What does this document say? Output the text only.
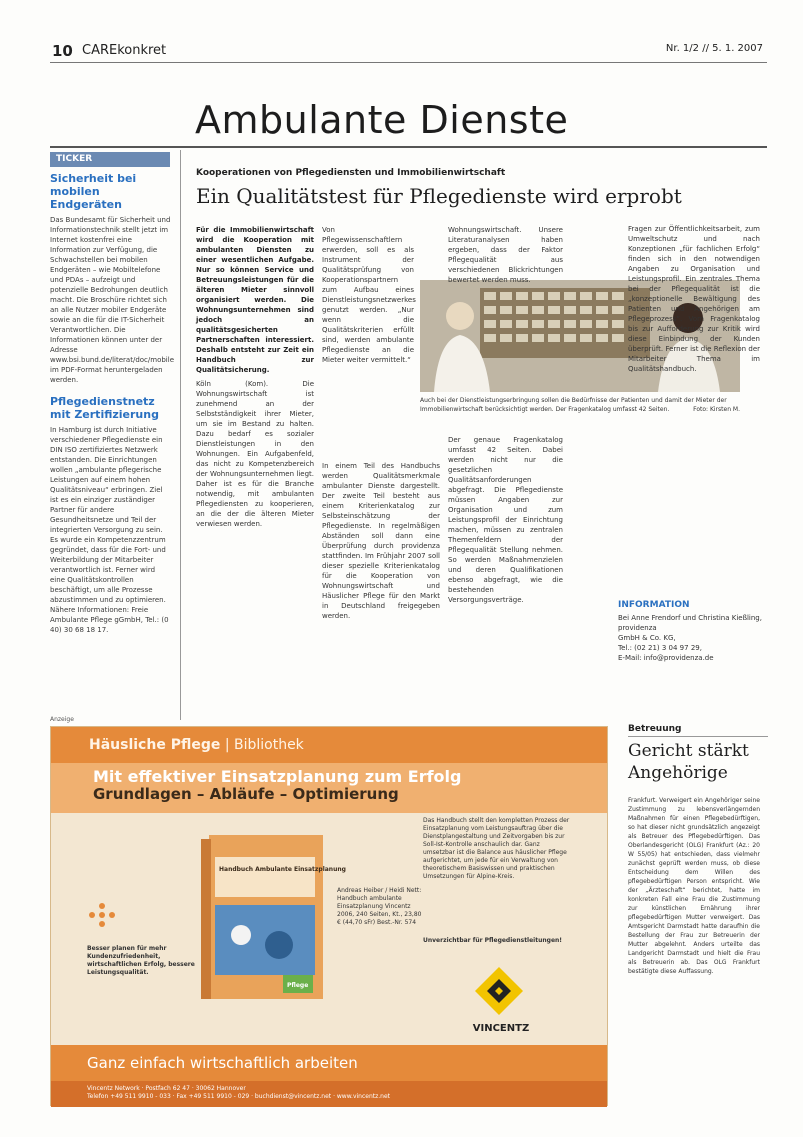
10 CAREkonkret	Nr. 1/2 // 5. 1. 2007
Ambulante Dienste
TICKER
Sicherheit bei mobilen Endgeräten
Das Bundesamt für Sicherheit und Informationstechnik stellt jetzt im Internet kostenfrei eine Information zur Verfügung, die Schwachstellen bei mobilen Endgeräten – wie Mobiltelefone und PDAs – aufzeigt und potenzielle Bedrohungen deutlich macht. Die Broschüre richtet sich an alle Nutzer mobiler Endgeräte sowie an die für die IT-Sicherheit Verantwortlichen. Die Informationen können unter der Adresse www.bsi.bund.de/literat/doc/mobile im PDF-Format heruntergeladen werden.
Pflegedienstnetz mit Zertifizierung
In Hamburg ist durch Initiative verschiedener Pflegedienste ein DIN ISO zertifiziertes Netzwerk entstanden. Die Einrichtungen wollen „ambulante pflegerische Leistungen auf einem hohen Qualitätsniveau“ erbringen. Ziel ist es ein einziger zuständiger Partner für andere Gesundheitsnetze und Teil der integrierten Versorgung zu sein. Es wurde ein Kompetenzzentrum gegründet, dass für die Fort- und Weiterbildung der Mitarbeiter verantwortlich ist. Ferner wird eine Qualitätskontrollen beschäftigt, um alle Prozesse abzustimmen und zu optimieren. Nähere Informationen: Freie Ambulante Pflege gGmbH, Tel.: (0 40) 30 68 18 17.
Kooperationen von Pflegediensten und Immobilienwirtschaft
Ein Qualitätstest für Pflegedienste wird erprobt

Für die Immobilienwirtschaft wird die Kooperation mit ambulanten Diensten zu einer wesentlichen Aufgabe. Nur so können Service und Betreuungsleistungen für die älteren Mieter sinnvoll organisiert werden. Die Wohnungsunternehmen sind jedoch an qualitätsgesicherten Partnerschaften interessiert. Deshalb entsteht zur Zeit ein Handbuch zur Qualitätsicherung.

Köln (Kom). Die Wohnungswirtschaft ist zunehmend an der Selbstständigkeit ihrer Mieter, um sie im Bestand zu halten. Dazu bedarf es sozialer Dienstleistungen in den Wohnungen. Ein Aufgabenfeld, das nicht zu Kompetenzbereich der Wohnungsunternehmen liegt. Daher ist es für die Branche notwendig, mit ambulanten Pflegediensten zu kooperieren, an die der die älteren Mieter verwiesen werden.

Von Pflegewissenschaftlern erwerden, soll es als Instrument der Qualitätsprüfung von Kooperationspartnern zum Aufbau eines Dienstleistungsnetzwerkes genutzt werden. „Nur wenn die Qualitätskriterien erfüllt sind, werden ambulante Pflegedienste an die Mieter weiter vermittelt.“

In einem Teil des Handbuchs werden Qualitätsmerkmale ambulanter Dienste dargestellt. Der zweite Teil besteht aus einem Kriterienkatalog zur Selbsteinschätzung der Pflegedienste. In regelmäßigen Abständen soll dann eine Überprüfung durch providenza stattfinden. Im Frühjahr 2007 soll dieser spezielle Kriterienkatalog für die Kooperation von Wohnungswirtschaft und Häuslicher Pflege für den Markt in Deutschland freigegeben werden.

Auch bei der Dienstleistungserbringung sollen die Bedürfnisse der Patienten und damit der Mieter der Immobilienwirtschaft berücksichtigt werden. Der Fragenkatalog umfasst 42 Seiten.	Foto: Kirsten M.

Wohnungswirtschaft. Unsere Literaturanalysen haben ergeben, dass der Faktor Pflegequalität aus verschiedenen Blickrichtungen bewertet werden muss.

Der genaue Fragenkatalog umfasst 42 Seiten. Dabei werden nicht nur die gesetzlichen Qualitätsanforderungen abgefragt. Die Pflegedienste müssen Angaben zur Organisation und zum Leistungsprofil der Einrichtung machen, müssen zu zentralen Themenfeldern der Pflegequalität Stellung nehmen. So werden Maßnahmenzielen und deren Qualifikationen ebenso abgefragt, wie die bestehenden Versorgungsverträge.

Fragen zur Öffentlichkeitsarbeit, zum Umweltschutz und nach Konzeptionen „für fachlichen Erfolg“ finden sich in den notwendigen Angaben zu Organisation und Leistungsprofil. Ein zentrales Thema bei der Pflegequalität ist die „konzeptionelle Bewältigung des Patienten und Angehörigen am Pflegeprozess“. Vom Fragenkatalog bis zur Aufforderung zur Kritik wird diese Einbindung der Kunden überprüft. Ferner ist die Reflexion der Mitarbeiter Thema im Qualitätshandbuch.

INFORMATION
Bei Anne Frendorf und Christina Kießling, providenza
GmbH & Co. KG,
Tel.: (02 21) 3 04 97 29,
E-Mail: info@providenza.de
Anzeige
Häusliche Pflege | Bibliothek
Mit effektiver Einsatzplanung zum Erfolg
Grundlagen – Abläufe – Optimierung
Handbuch Ambulante Einsatzplanung
Pflege
Besser planen für mehr Kundenzufriedenheit, wirtschaftlichen Erfolg, bessere Leistungsqualität.
Andreas Heiber / Heidi Nett: Handbuch ambulante Einsatzplanung Vincentz 2006, 240 Seiten, Kt., 23,80 € (44,70 sFr) Best.-Nr. 574
Das Handbuch stellt den kompletten Prozess der Einsatzplanung vom Leistungsauftrag über die Dienstplangestaltung und Zeitvorgaben bis zur Soll-Ist-Kontrolle anschaulich dar. Ganz umsetzbar ist die Balance aus häuslicher Pflege aufgerichtet, um jede für ein Verwaltung von theoretischem Basiswissen und praktischen Umsetzungen für Alpine-Kreis.
Unverzichtbar für Pflegedienstleitungen!
VINCENTZ
Ganz einfach wirtschaftlich arbeiten
Vincentz Network · Postfach 62 47 · 30062 Hannover
Telefon +49 511 9910 - 033 · Fax +49 511 9910 - 029 · buchdienst@vincentz.net · www.vincentz.net
Betreuung
Gericht stärkt Angehörige
Frankfurt. Verweigert ein Angehöriger seine Zustimmung zu lebensverlängernden Maßnahmen für einen Pflegebedürftigen, so hat dieser nicht grundsätzlich angezeigt als Betreuer des Pflegebedürftigen. Das Oberlandesgericht (OLG) Frankfurt (Az.: 20 W 55/05) hat entschieden, dass vielmehr zunächst geprüft werden muss, ob diese Entscheidung dem Willen des pflegebedürftigen Person entspricht. Wie der „Ärzteschaft“ berichtet, hatte im konkreten Fall eine Frau die Zustimmung zur künstlichen Ernährung ihrer pflegebedürftigen Mutter verweigert. Das Amtsgericht Darmstadt hatte daraufhin die Bestellung der Frau zur Betreuerin der Mutter abgelehnt. Anders urteilte das Landgericht Darmstadt und hielt die Frau als Betreuerin ab. Das OLG Frankfurt bestätigte diese Auffassung.
